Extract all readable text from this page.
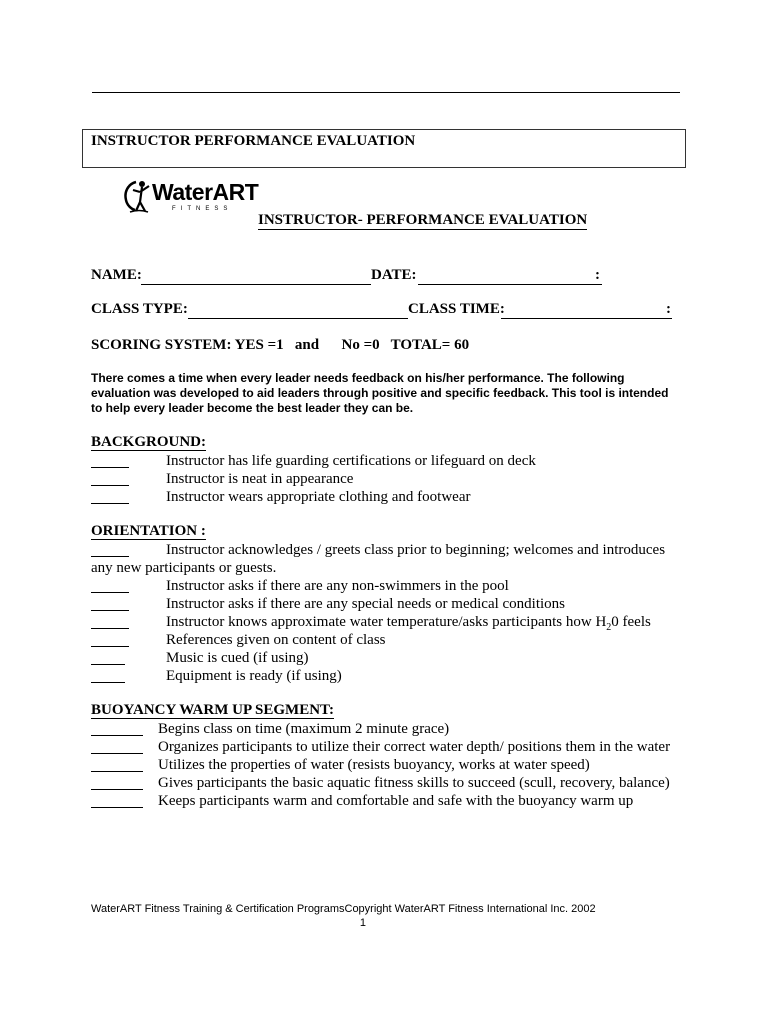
INSTRUCTOR PERFORMANCE EVALUATION
WaterART
FITNESS
INSTRUCTOR- PERFORMANCE EVALUATION
NAME:	DATE:	:
CLASS TYPE:	CLASS TIME:	:
SCORING SYSTEM: YES =1   and      No =0   TOTAL= 60
There comes a time when every leader needs feedback on his/her performance. The following evaluation was developed to aid leaders through positive and specific feedback. This tool is intended to help every leader become the best leader they can be.
BACKGROUND:
Instructor has life guarding certifications or lifeguard on deck
Instructor is neat in appearance
Instructor wears appropriate clothing and footwear
ORIENTATION :
Instructor acknowledges / greets class prior to beginning; welcomes and introduces
any new participants or guests.
Instructor asks if there are any non-swimmers in the pool
Instructor asks if there are any special needs or medical conditions
Instructor knows approximate water temperature/asks participants how $H_20$ feels
References given on content of class
Music is cued (if using)
Equipment is ready (if using)
BUOYANCY WARM UP SEGMENT:
Begins class on time (maximum 2 minute grace)
Organizes participants to utilize their correct water depth/ positions them in the water
Utilizes the properties of water (resists buoyancy, works at water speed)
Gives participants the basic aquatic fitness skills to succeed (scull, recovery, balance)
Keeps participants warm and comfortable and safe with the buoyancy warm up
WaterART Fitness Training & Certification ProgramsCopyright WaterART Fitness International Inc. 2002
1
